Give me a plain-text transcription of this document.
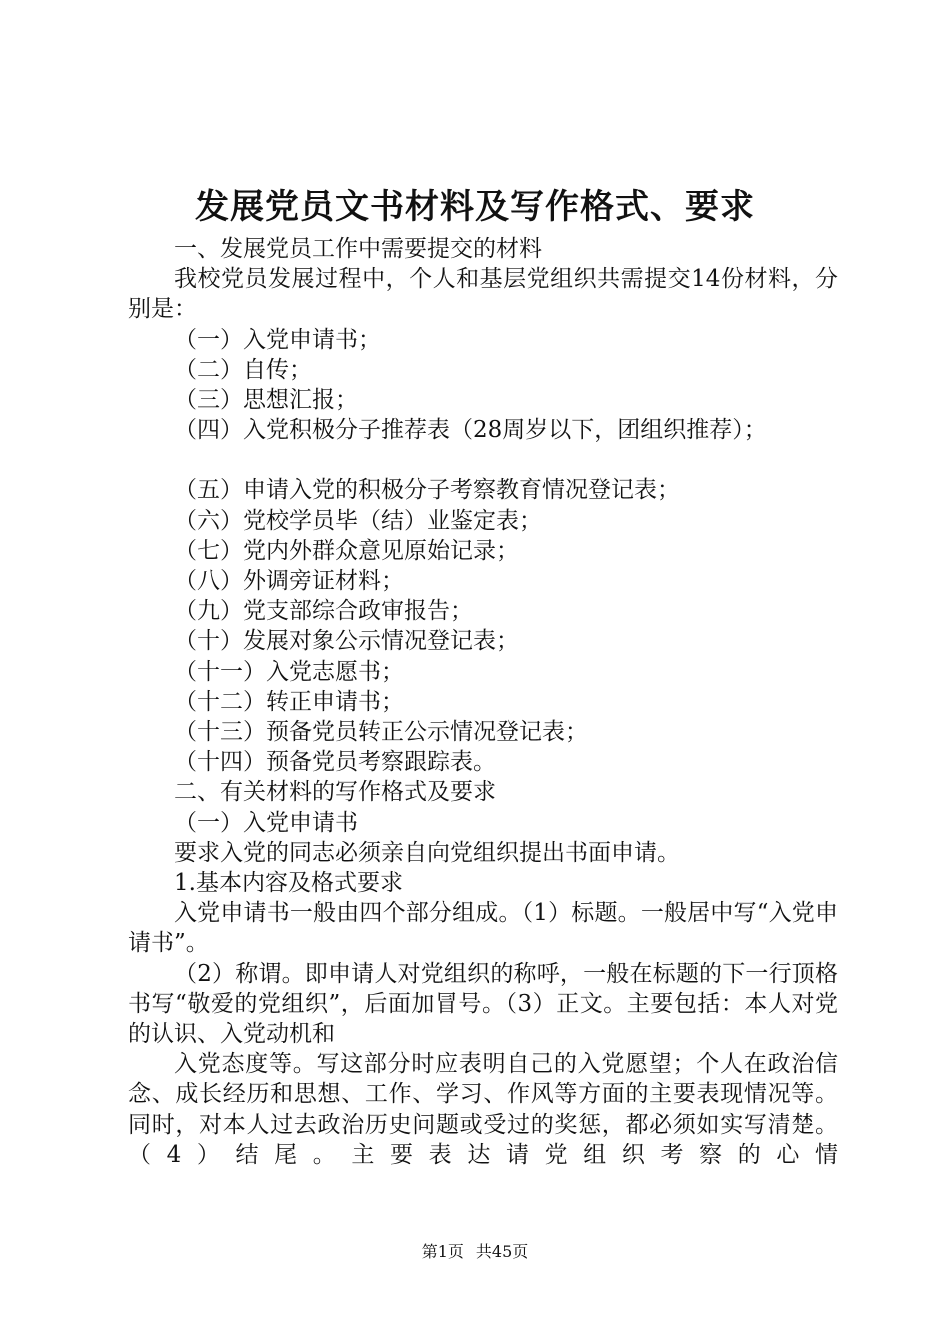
发展党员文书材料及写作格式、要求

一、发展党员工作中需要提交的材料

我校党员发展过程中，个人和基层党组织共需提交14份材料，分别是：

（一）入党申请书；

（二）自传；

（三）思想汇报；

（四）入党积极分子推荐表（28周岁以下，团组织推荐）；

（五）申请入党的积极分子考察教育情况登记表；

（六）党校学员毕（结）业鉴定表；

（七）党内外群众意见原始记录；

（八）外调旁证材料；

（九）党支部综合政审报告；

（十）发展对象公示情况登记表；

（十一）入党志愿书；

（十二）转正申请书；

（十三）预备党员转正公示情况登记表；

（十四）预备党员考察跟踪表。

二、有关材料的写作格式及要求

（一）入党申请书

要求入党的同志必须亲自向党组织提出书面申请。

1.基本内容及格式要求

入党申请书一般由四个部分组成。（1）标题。一般居中写“入党申请书”。

（2）称谓。即申请人对党组织的称呼，一般在标题的下一行顶格书写“敬爱的党组织”，后面加冒号。（3）正文。主要包括：本人对党的认识、入党动机和

入党态度等。写这部分时应表明自己的入党愿望；个人在政治信念、成长经历和思想、工作、学习、作风等方面的主要表现情况等。同时，对本人过去政治历史问题或受过的奖惩，都必须如实写清楚。（4）结尾。主要表达请党组织考察的心情

第1页 共45页
